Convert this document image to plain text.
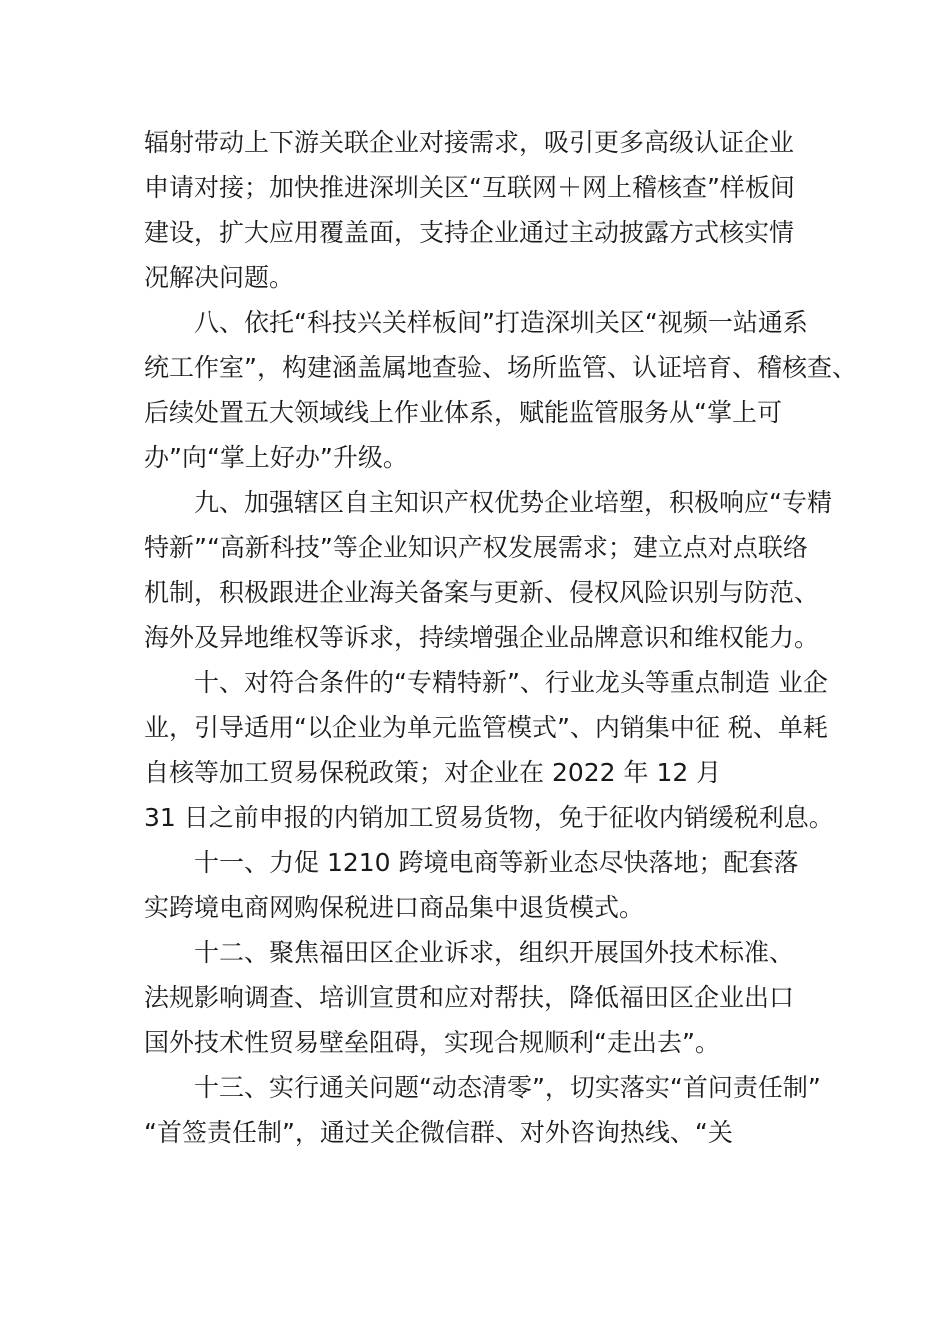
辐射带动上下游关联企业对接需求，吸引更多高级认证企业
申请对接；加快推进深圳关区“互联网＋网上稽核查”样板间
建设，扩大应用覆盖面，支持企业通过主动披露方式核实情
况解决问题。
八、依托“科技兴关样板间”打造深圳关区“视频一站通系
统工作室”，构建涵盖属地查验、场所监管、认证培育、稽核查、
后续处置五大领域线上作业体系，赋能监管服务从“掌上可
办”向“掌上好办”升级。
九、加强辖区自主知识产权优势企业培塑，积极响应“专精
特新”“高新科技”等企业知识产权发展需求；建立点对点联络
机制，积极跟进企业海关备案与更新、侵权风险识别与防范、
海外及异地维权等诉求，持续增强企业品牌意识和维权能力。
十、对符合条件的“专精特新”、行业龙头等重点制造 业企
业，引导适用“以企业为单元监管模式”、内销集中征 税、单耗
自核等加工贸易保税政策；对企业在 2022 年 12 月
31 日之前申报的内销加工贸易货物，免于征收内销缓税利息。
十一、力促 1210 跨境电商等新业态尽快落地；配套落
实跨境电商网购保税进口商品集中退货模式。
十二、聚焦福田区企业诉求，组织开展国外技术标准、
法规影响调查、培训宣贯和应对帮扶，降低福田区企业出口
国外技术性贸易壁垒阻碍，实现合规顺利“走出去”。
十三、实行通关问题“动态清零”，切实落实“首问责任制”
“首签责任制”，通过关企微信群、对外咨询热线、“关
